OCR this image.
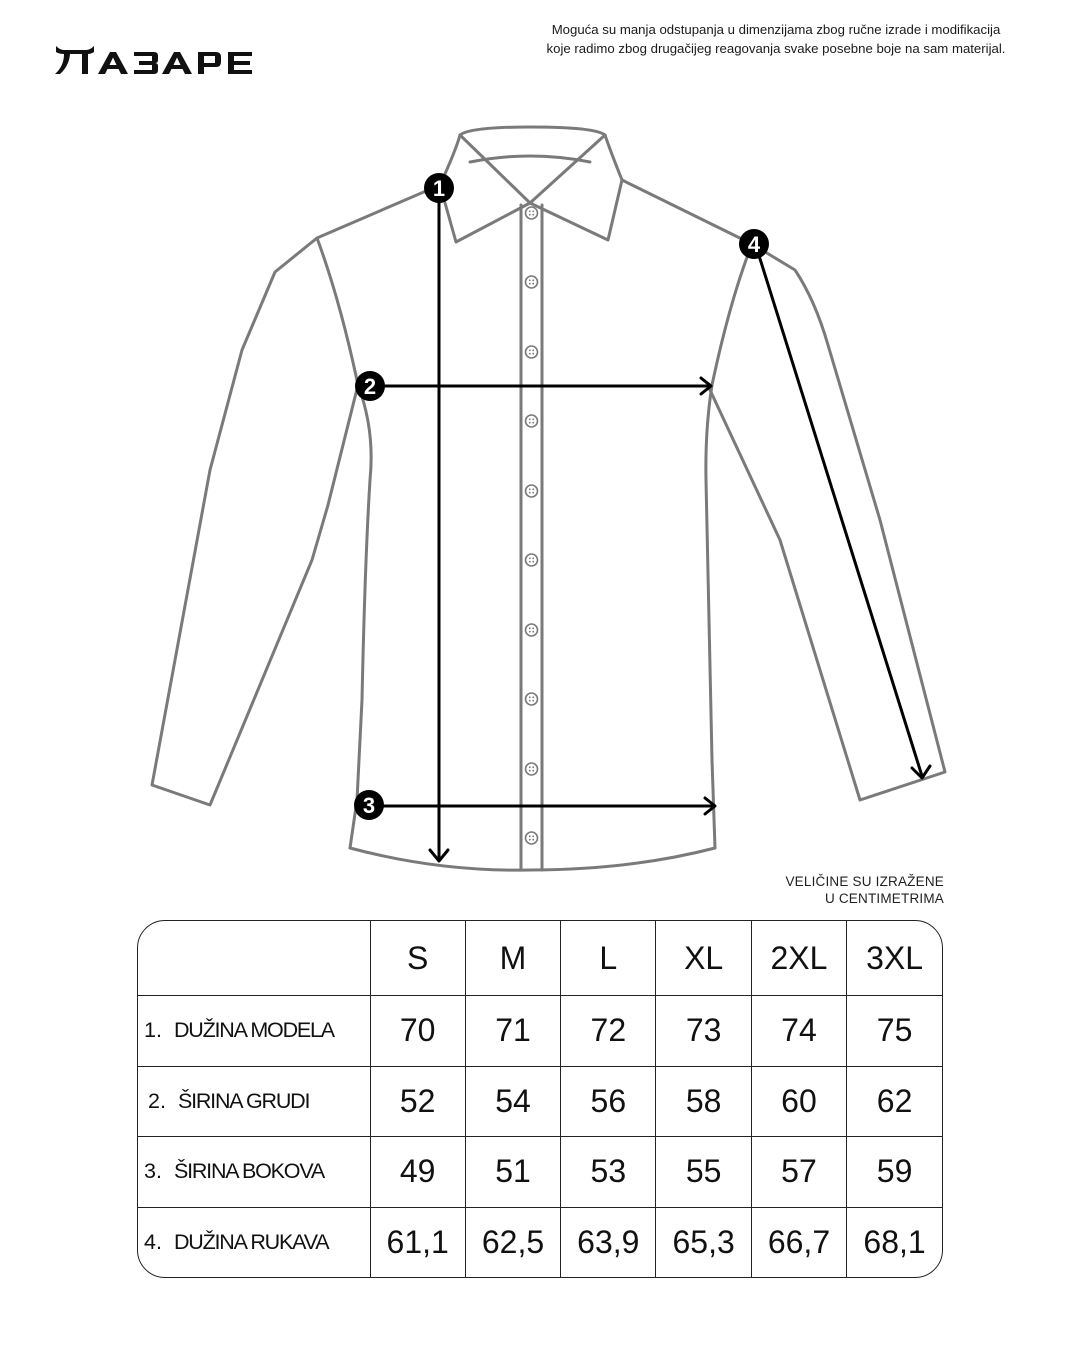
Moguća su manja odstupanja u dimenzijama zbog ručne izrade i modifikacija
koje radimo zbog drugačijeg reagovanja svake posebne boje na sam materijal.
1
2
3
4
VELIČINE SU IZRAŽENE
U CENTIMETRIMA
	S	M	L	XL	2XL	3XL
1. DUŽINA MODELA	70	71	72	73	74	75
2. ŠIRINA GRUDI	52	54	56	58	60	62
3. ŠIRINA BOKOVA	49	51	53	55	57	59
4. DUŽINA RUKAVA	61,1	62,5	63,9	65,3	66,7	68,1
